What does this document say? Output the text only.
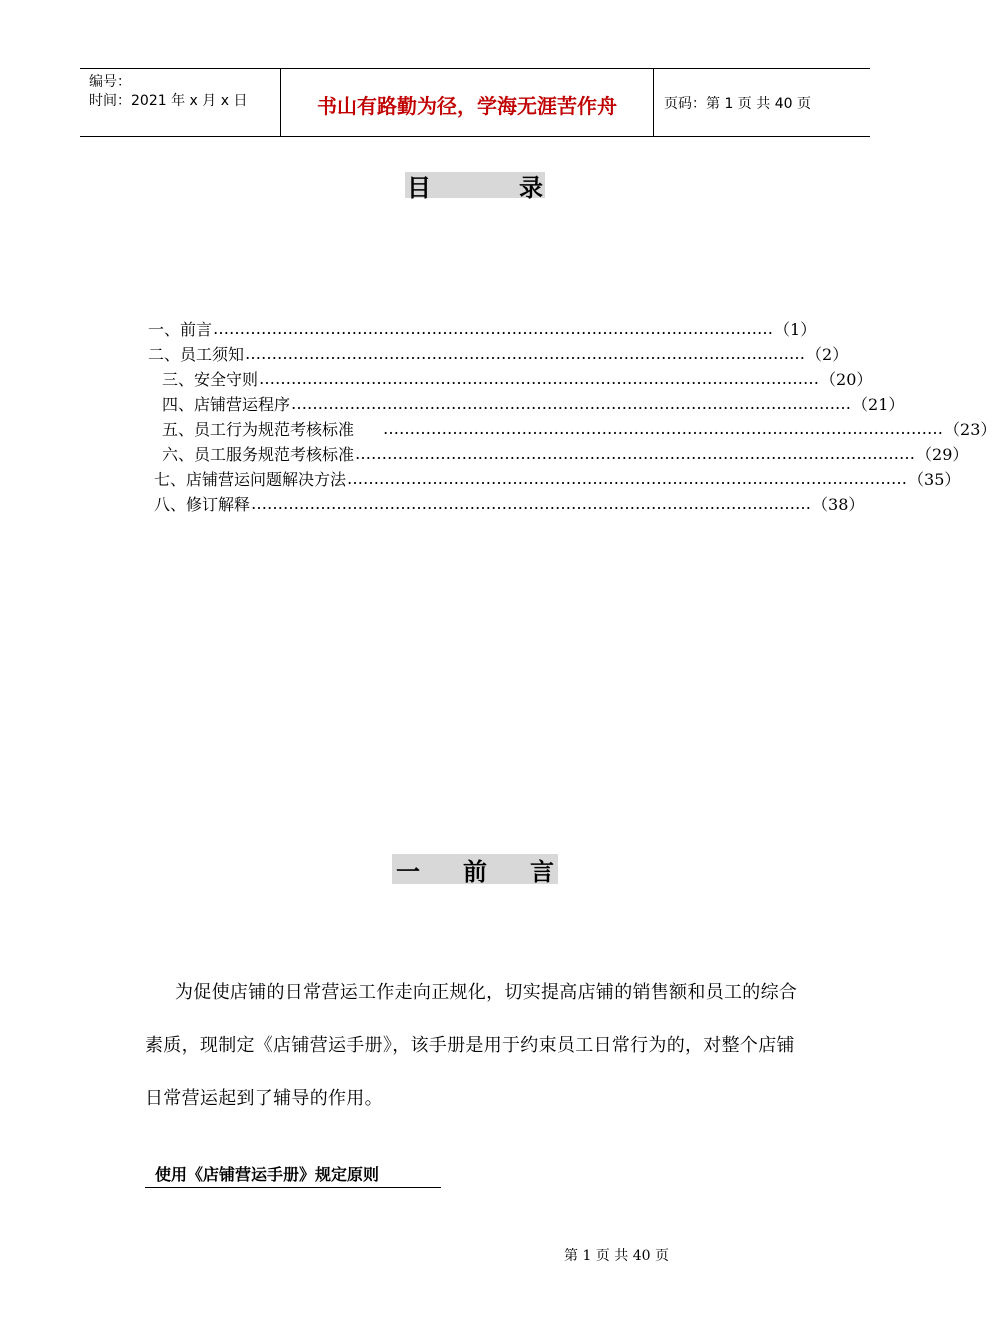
编号：
时间：2021 年 x 月 x 日	书山有路勤为径，学海无涯苦作舟	页码：第 1 页 共 40 页
目	录
一、前言 …………………………………………………………………………………………… （1）
二、员工须知 …………………………………………………………………………………………… （2）
三、安全守则 …………………………………………………………………………………………… （20）
四、店铺营运程序 …………………………………………………………………………………………… （21）
五、员工行为规范考核标准 …………………………………………………………………………………………… （23）
六、员工服务规范考核标准 …………………………………………………………………………………………… （29）
七、店铺营运问题解决方法 …………………………………………………………………………………………… （35）
八、修订解释 …………………………………………………………………………………………… （38）
一 前 言
为促使店铺的日常营运工作走向正规化，切实提高店铺的销售额和员工的综合素质，现制定《店铺营运手册》，该手册是用于约束员工日常行为的，对整个店铺日常营运起到了辅导的作用。
使用《店铺营运手册》规定原则
第 1 页 共 40 页
